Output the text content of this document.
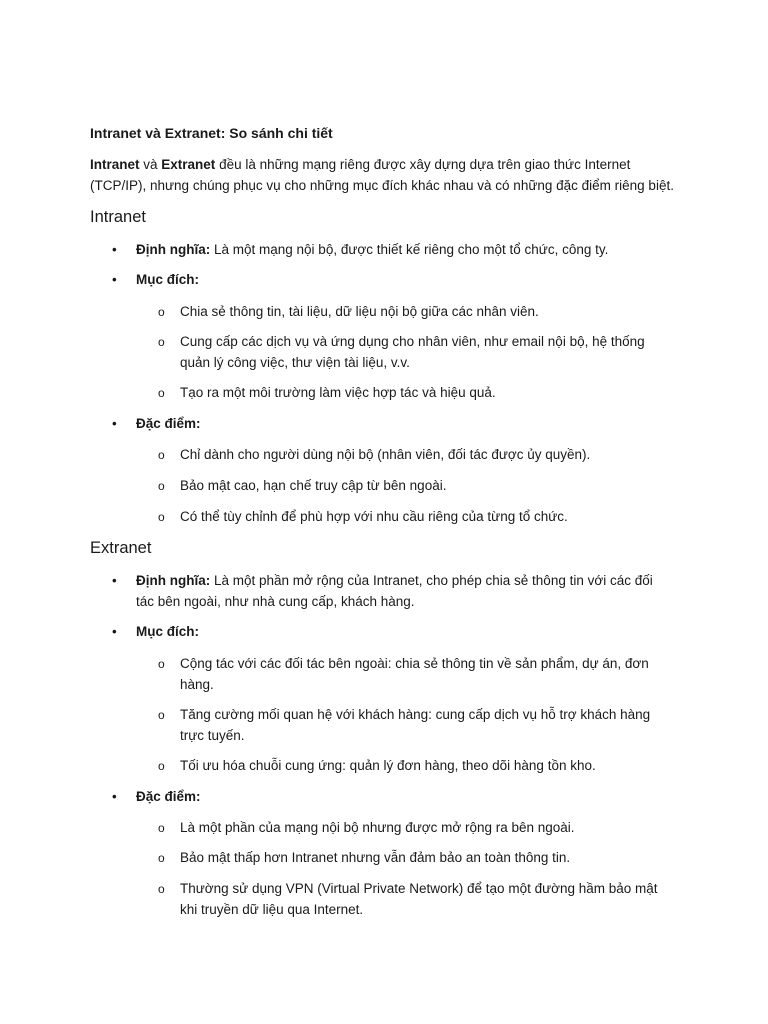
Intranet và Extranet: So sánh chi tiết
Intranet và Extranet đều là những mạng riêng được xây dựng dựa trên giao thức Internet (TCP/IP), nhưng chúng phục vụ cho những mục đích khác nhau và có những đặc điểm riêng biệt.
Intranet
• Định nghĩa: Là một mạng nội bộ, được thiết kế riêng cho một tổ chức, công ty.
• Mục đích:
o Chia sẻ thông tin, tài liệu, dữ liệu nội bộ giữa các nhân viên.
o Cung cấp các dịch vụ và ứng dụng cho nhân viên, như email nội bộ, hệ thống quản lý công việc, thư viện tài liệu, v.v.
o Tạo ra một môi trường làm việc hợp tác và hiệu quả.
• Đặc điểm:
o Chỉ dành cho người dùng nội bộ (nhân viên, đối tác được ủy quyền).
o Bảo mật cao, hạn chế truy cập từ bên ngoài.
o Có thể tùy chỉnh để phù hợp với nhu cầu riêng của từng tổ chức.
Extranet
• Định nghĩa: Là một phần mở rộng của Intranet, cho phép chia sẻ thông tin với các đối tác bên ngoài, như nhà cung cấp, khách hàng.
• Mục đích:
o Cộng tác với các đối tác bên ngoài: chia sẻ thông tin về sản phẩm, dự án, đơn hàng.
o Tăng cường mối quan hệ với khách hàng: cung cấp dịch vụ hỗ trợ khách hàng trực tuyến.
o Tối ưu hóa chuỗi cung ứng: quản lý đơn hàng, theo dõi hàng tồn kho.
• Đặc điểm:
o Là một phần của mạng nội bộ nhưng được mở rộng ra bên ngoài.
o Bảo mật thấp hơn Intranet nhưng vẫn đảm bảo an toàn thông tin.
o Thường sử dụng VPN (Virtual Private Network) để tạo một đường hầm bảo mật khi truyền dữ liệu qua Internet.
